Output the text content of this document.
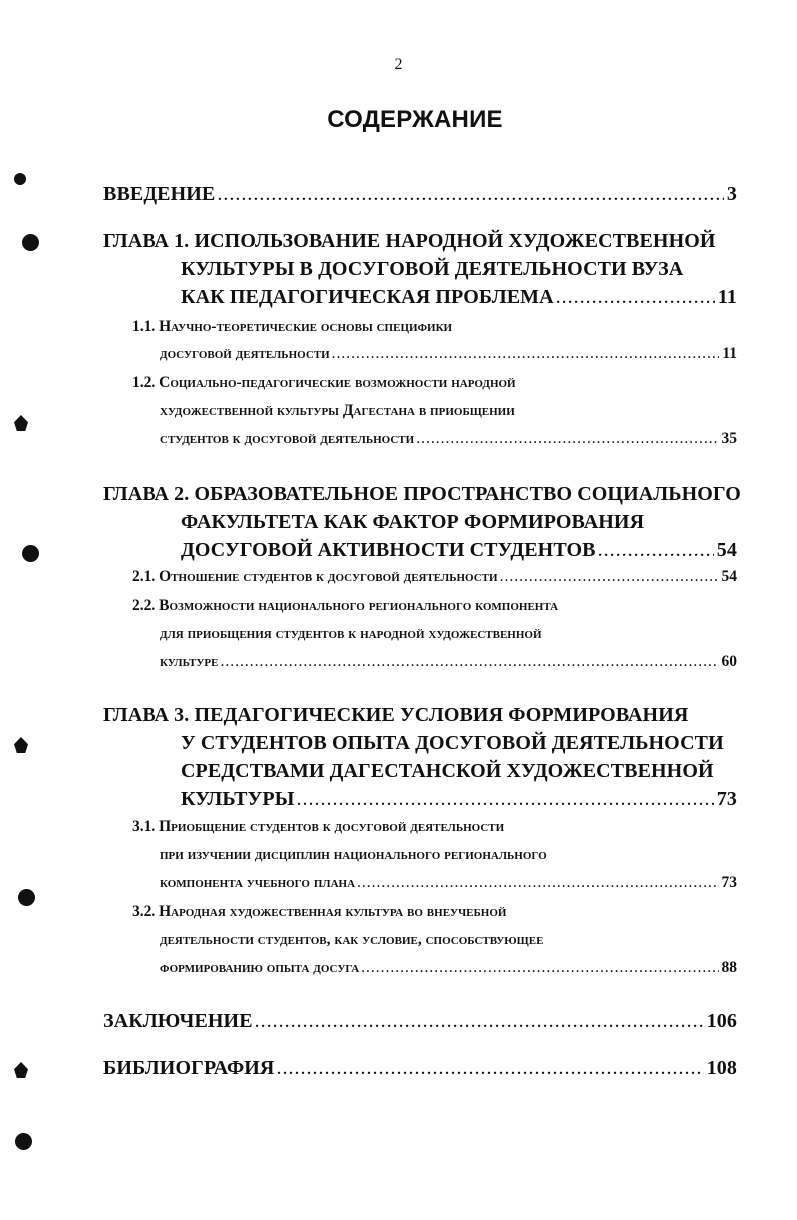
2
СОДЕРЖАНИЕ
ВВЕДЕНИЕ .....	3
ГЛАВА 1. ИСПОЛЬЗОВАНИЕ НАРОДНОЙ ХУДОЖЕСТВЕННОЙ
КУЛЬТУРЫ В ДОСУГОВОЙ ДЕЯТЕЛЬНОСТИ ВУЗА
КАК ПЕДАГОГИЧЕСКАЯ ПРОБЛЕМА .....	11
1.1. Научно-теоретические основы специфики
досуговой деятельности .....	11
1.2. Социально-педагогические возможности народной
художественной культуры Дагестана в приобщении
студентов к досуговой деятельности .....	35
ГЛАВА 2. ОБРАЗОВАТЕЛЬНОЕ ПРОСТРАНСТВО СОЦИАЛЬНОГО
ФАКУЛЬТЕТА КАК ФАКТОР ФОРМИРОВАНИЯ
ДОСУГОВОЙ АКТИВНОСТИ СТУДЕНТОВ .....	54
2.1. Отношение студентов к досуговой деятельности .....	54
2.2. Возможности национального регионального компонента
для приобщения студентов к народной художественной
культуре .....	60
ГЛАВА 3. ПЕДАГОГИЧЕСКИЕ УСЛОВИЯ ФОРМИРОВАНИЯ
У СТУДЕНТОВ ОПЫТА ДОСУГОВОЙ ДЕЯТЕЛЬНОСТИ
СРЕДСТВАМИ ДАГЕСТАНСКОЙ ХУДОЖЕСТВЕННОЙ
КУЛЬТУРЫ .....	73
3.1. Приобщение студентов к досуговой деятельности
при изучении дисциплин национального регионального
компонента учебного плана .....	73
3.2. Народная художественная культура во внеучебной
деятельности студентов, как условие, способствующее
формированию опыта досуга .....	88
ЗАКЛЮЧЕНИЕ .....	106
БИБЛИОГРАФИЯ .....	108
